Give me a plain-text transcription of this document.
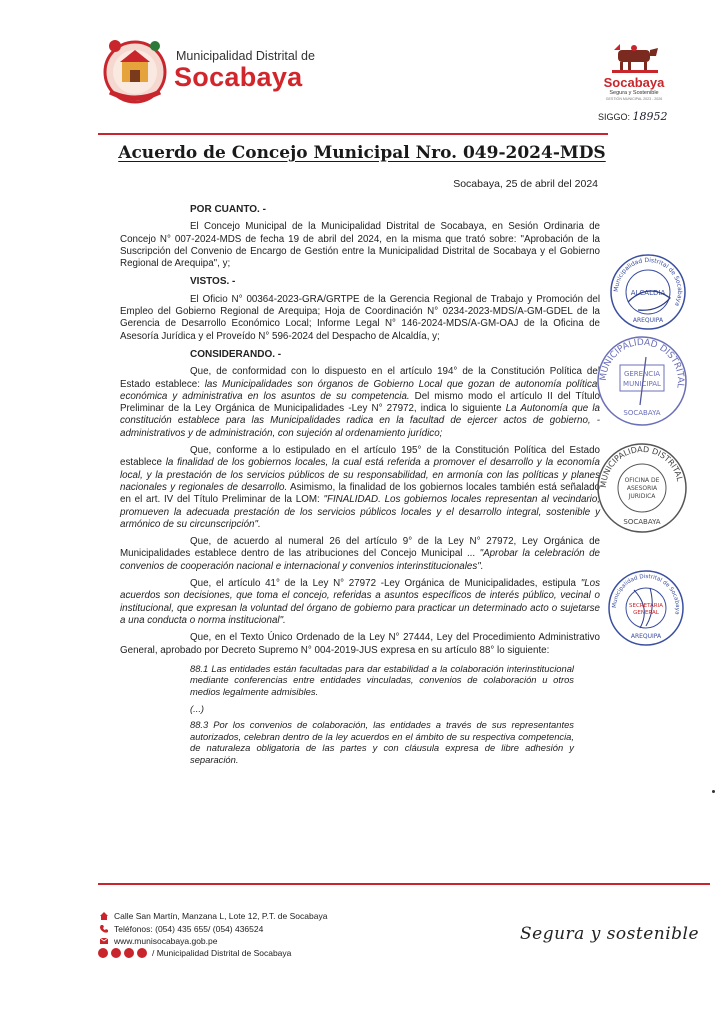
Municipalidad Distrital de
Socabaya	Socabaya
Segura y Sostenible
GESTIÓN MUNICIPAL 2023 - 2026
SIGGO: 18952
Acuerdo de Concejo Municipal Nro. 049-2024-MDS
Socabaya, 25 de abril del 2024
POR CUANTO. -

El Concejo Municipal de la Municipalidad Distrital de Socabaya, en Sesión Ordinaria de Concejo N° 007-2024-MDS de fecha 19 de abril del 2024, en la misma que trató sobre: "Aprobación de la Suscripción del Convenio de Encargo de Gestión entre la Municipalidad Distrital de Socabaya y el Gobierno Regional de Arequipa", y;

VISTOS. -

El Oficio N° 00364-2023-GRA/GRTPE de la Gerencia Regional de Trabajo y Promoción del Empleo del Gobierno Regional de Arequipa; Hoja de Coordinación N° 0234-2023-MDS/A-GM-GDEL de la Gerencia de Desarrollo Económico Local; Informe Legal N° 146-2024-MDS/A-GM-OAJ de la Oficina de Asesoría Jurídica y el Proveído N° 596-2024 del Despacho de Alcaldía, y;

CONSIDERANDO. -

Que, de conformidad con lo dispuesto en el artículo 194° de la Constitución Política del Estado establece: las Municipalidades son órganos de Gobierno Local que gozan de autonomía política, económica y administrativa en los asuntos de su competencia. Del mismo modo el artículo II del Título Preliminar de la Ley Orgánica de Municipalidades -Ley N° 27972, indica lo siguiente La Autonomía que la constitución establece para las Municipalidades radica en la facultad de ejercer actos de gobierno, -administrativos y de administración, con sujeción al ordenamiento jurídico;

Que, conforme a lo estipulado en el artículo 195° de la Constitución Política del Estado establece la finalidad de los gobiernos locales, la cual está referida a promover el desarrollo y la economía local, y la prestación de los servicios públicos de su responsabilidad, en armonía con las políticas y planes nacionales y regionales de desarrollo. Asimismo, la finalidad de los gobiernos locales también está señalado en el art. IV del Título Preliminar de la LOM: "FINALIDAD. Los gobiernos locales representan al vecindario, promueven la adecuada prestación de los servicios públicos locales y el desarrollo integral, sostenible y armónico de su circunscripción".

Que, de acuerdo al numeral 26 del artículo 9° de la Ley N° 27972, Ley Orgánica de Municipalidades establece dentro de las atribuciones del Concejo Municipal ... "Aprobar la celebración de convenios de cooperación nacional e internacional y convenios interinstitucionales".

Que, el artículo 41° de la Ley N° 27972 -Ley Orgánica de Municipalidades, estipula "Los acuerdos son decisiones, que toma el concejo, referidas a asuntos específicos de interés público, vecinal o institucional, que expresan la voluntad del órgano de gobierno para practicar un determinado acto o sujetarse a una conducta o norma institucional".

Que, en el Texto Único Ordenado de la Ley N° 27444, Ley del Procedimiento Administrativo General, aprobado por Decreto Supremo N° 004-2019-JUS expresa en su artículo 88° lo siguiente:

88.1 Las entidades están facultadas para dar estabilidad a la colaboración interinstitucional mediante conferencias entre entidades vinculadas, convenios de colaboración u otros medios legalmente admisibles.

(...)

88.3 Por los convenios de colaboración, las entidades a través de sus representantes autorizados, celebran dentro de la ley acuerdos en el ámbito de su respectiva competencia, de naturaleza obligatoria de las partes y con cláusula expresa de libre adhesión y separación.

Municipalidad Distrital de Socabaya
ALCALDIA
AREQUIPA
MUNICIPALIDAD DISTRITAL
GERENCIA
MUNICIPAL
SOCABAYA
MUNICIPALIDAD DISTRITAL
OFICINA DE
ASESORIA
JURIDICA
SOCABAYA
Municipalidad Distrital de Socabaya
SECRETARIA
GENERAL
AREQUIPA
Calle San Martín, Manzana L, Lote 12, P.T. de Socabaya
Teléfonos: (054) 435 655/ (054) 436524
www.munisocabaya.gob.pe
/ Municipalidad Distrital de Socabaya
Segura y sostenible
